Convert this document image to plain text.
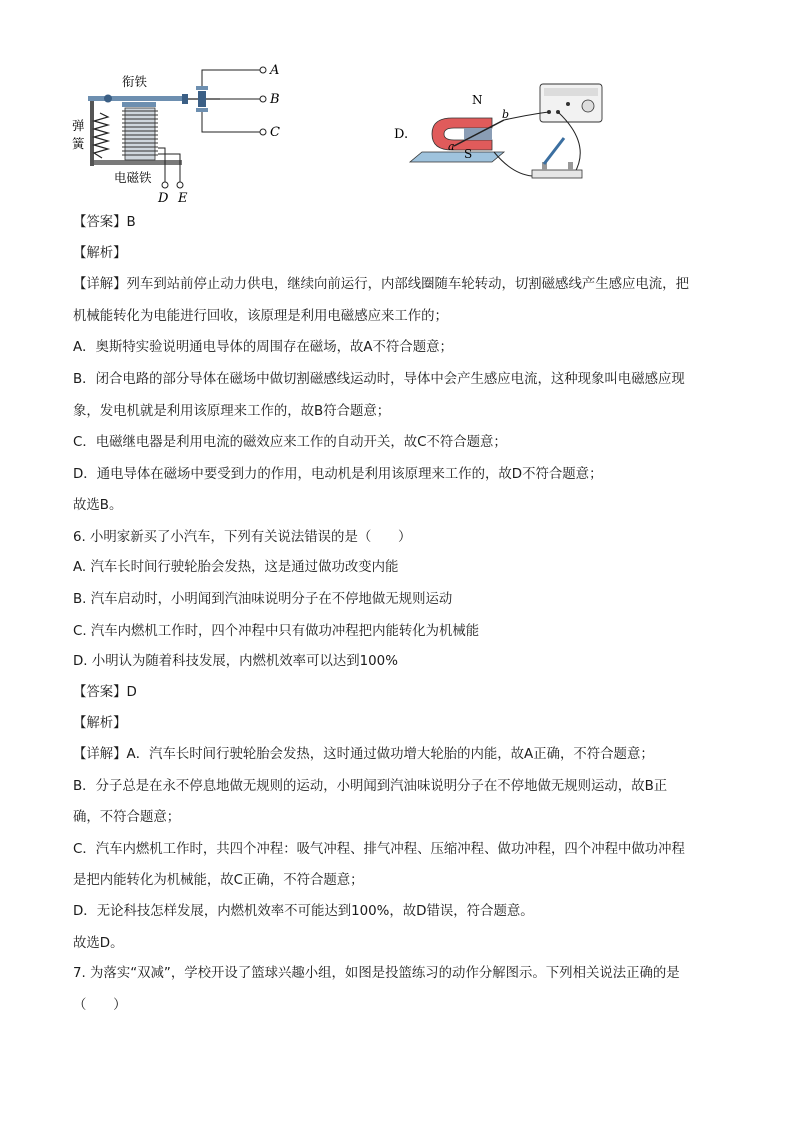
A
B
C
衔铁
弹
簧
电磁铁
D E
D.
N
S
a
b
【答案】B
【解析】
【详解】列车到站前停止动力供电，继续向前运行，内部线圈随车轮转动，切割磁感线产生感应电流，把
机械能转化为电能进行回收，该原理是利用电磁感应来工作的；
A．奥斯特实验说明通电导体的周围存在磁场，故A不符合题意；
B．闭合电路的部分导体在磁场中做切割磁感线运动时，导体中会产生感应电流，这种现象叫电磁感应现
象，发电机就是利用该原理来工作的，故B符合题意；
C．电磁继电器是利用电流的磁效应来工作的自动开关，故C不符合题意；
D．通电导体在磁场中要受到力的作用，电动机是利用该原理来工作的，故D不符合题意；
故选B。
6. 小明家新买了小汽车，下列有关说法错误的是（　　）
A. 汽车长时间行驶轮胎会发热，这是通过做功改变内能
B. 汽车启动时，小明闻到汽油味说明分子在不停地做无规则运动
C. 汽车内燃机工作时，四个冲程中只有做功冲程把内能转化为机械能
D. 小明认为随着科技发展，内燃机效率可以达到100%
【答案】D
【解析】
【详解】A．汽车长时间行驶轮胎会发热，这时通过做功增大轮胎的内能，故A正确，不符合题意；
B．分子总是在永不停息地做无规则的运动，小明闻到汽油味说明分子在不停地做无规则运动，故B正
确，不符合题意；
C．汽车内燃机工作时，共四个冲程：吸气冲程、排气冲程、压缩冲程、做功冲程，四个冲程中做功冲程
是把内能转化为机械能，故C正确，不符合题意；
D．无论科技怎样发展，内燃机效率不可能达到100%，故D错误，符合题意。
故选D。
7. 为落实“双减”，学校开设了篮球兴趣小组，如图是投篮练习的动作分解图示。下列相关说法正确的是
（　　）
